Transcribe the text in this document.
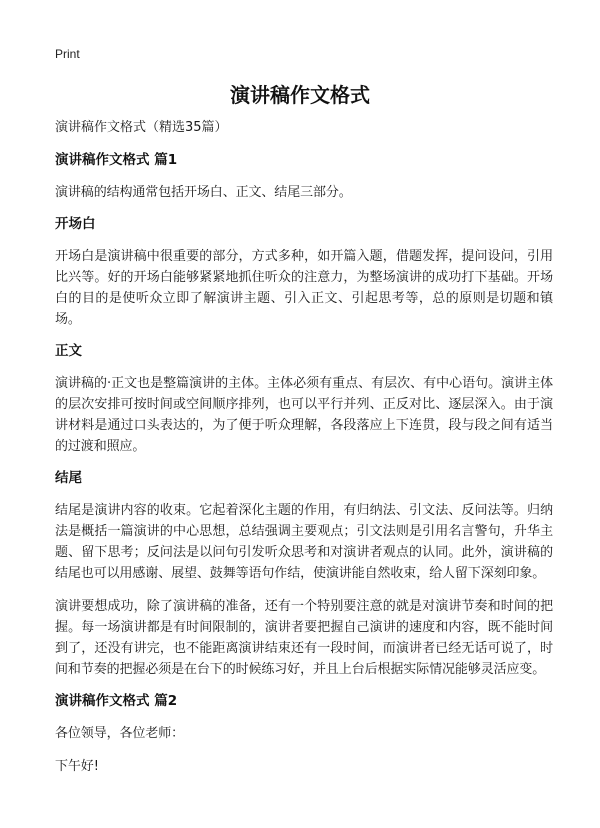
Print
演讲稿作文格式

演讲稿作文格式（精选35篇）

演讲稿作文格式 篇1

演讲稿的结构通常包括开场白、正文、结尾三部分。

开场白

开场白是演讲稿中很重要的部分，方式多种，如开篇入题，借题发挥，提问设问，引用比兴等。好的开场白能够紧紧地抓住听众的注意力，为整场演讲的成功打下基础。开场白的目的是使听众立即了解演讲主题、引入正文、引起思考等，总的原则是切题和镇场。

正文

演讲稿的·正文也是整篇演讲的主体。主体必须有重点、有层次、有中心语句。演讲主体的层次安排可按时间或空间顺序排列，也可以平行并列、正反对比、逐层深入。由于演讲材料是通过口头表达的，为了便于听众理解，各段落应上下连贯，段与段之间有适当的过渡和照应。

结尾

结尾是演讲内容的收束。它起着深化主题的作用，有归纳法、引文法、反问法等。归纳法是概括一篇演讲的中心思想，总结强调主要观点；引文法则是引用名言警句，升华主题、留下思考；反问法是以问句引发听众思考和对演讲者观点的认同。此外，演讲稿的结尾也可以用感谢、展望、鼓舞等语句作结，使演讲能自然收束，给人留下深刻印象。

演讲要想成功，除了演讲稿的准备，还有一个特别要注意的就是对演讲节奏和时间的把握。每一场演讲都是有时间限制的，演讲者要把握自己演讲的速度和内容，既不能时间到了，还没有讲完，也不能距离演讲结束还有一段时间，而演讲者已经无话可说了，时间和节奏的把握必须是在台下的时候练习好，并且上台后根据实际情况能够灵活应变。

演讲稿作文格式 篇2

各位领导，各位老师：

下午好!
